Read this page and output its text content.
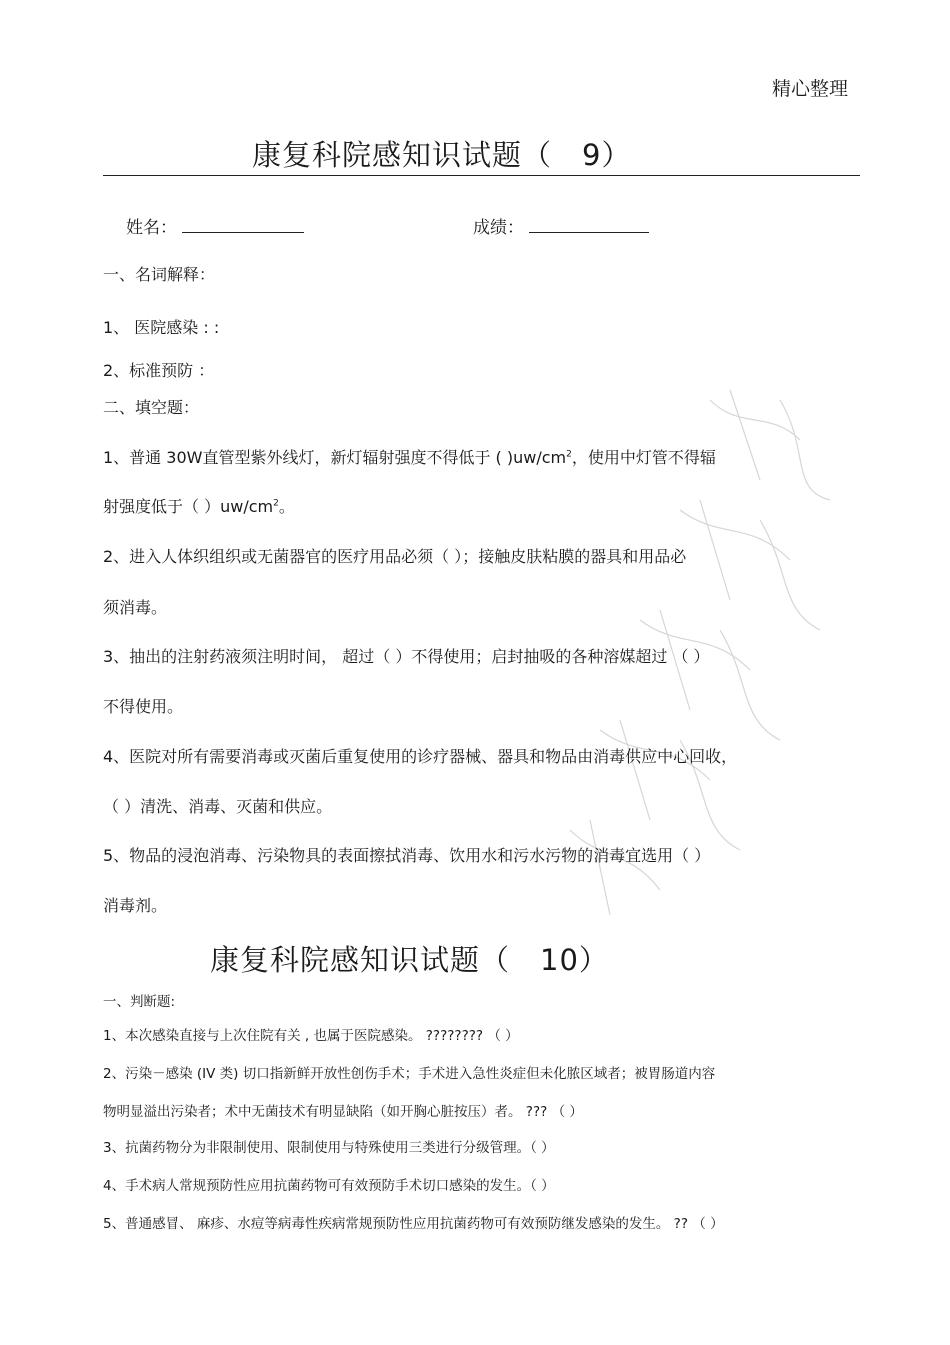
精心整理
康复科院感知识试题（　9）
姓名：	成绩：
一、名词解释：
1、 医院感染 : :
2、标准预防 ：
二、填空题：
1、普通 30W直管型紫外线灯，新灯辐射强度不得低于 ( )$uw/cm^2$，使用中灯管不得辐
射强度低于（ ）$uw/cm^2$。
2、进入人体织组织或无菌器官的医疗用品必须（ ）；接触皮肤粘膜的器具和用品必
须消毒。
3、抽出的注射药液须注明时间， 超过（ ）不得使用；启封抽吸的各种溶媒超过 （ ）
不得使用。
4、医院对所有需要消毒或灭菌后重复使用的诊疗器械、器具和物品由消毒供应中心回收，
（ ）清洗、消毒、灭菌和供应。
5、物品的浸泡消毒、污染物具的表面擦拭消毒、饮用水和污水污物的消毒宜选用（ ）
消毒剂。
康复科院感知识试题（　10）
一、判断题:
1、本次感染直接与上次住院有关 , 也属于医院感染。 ???????? （ ）
2、污染－感染 (IV 类) 切口指新鲜开放性创伤手术；手术进入急性炎症但未化脓区域者；被胃肠道内容
物明显溢出污染者；术中无菌技术有明显缺陷（如开胸心脏按压）者。 ??? （ ）
3、抗菌药物分为非限制使用、限制使用与特殊使用三类进行分级管理。（ ）
4、手术病人常规预防性应用抗菌药物可有效预防手术切口感染的发生。（ ）
5、普通感冒、 麻疹、水痘等病毒性疾病常规预防性应用抗菌药物可有效预防继发感染的发生。 ?? （ ）
